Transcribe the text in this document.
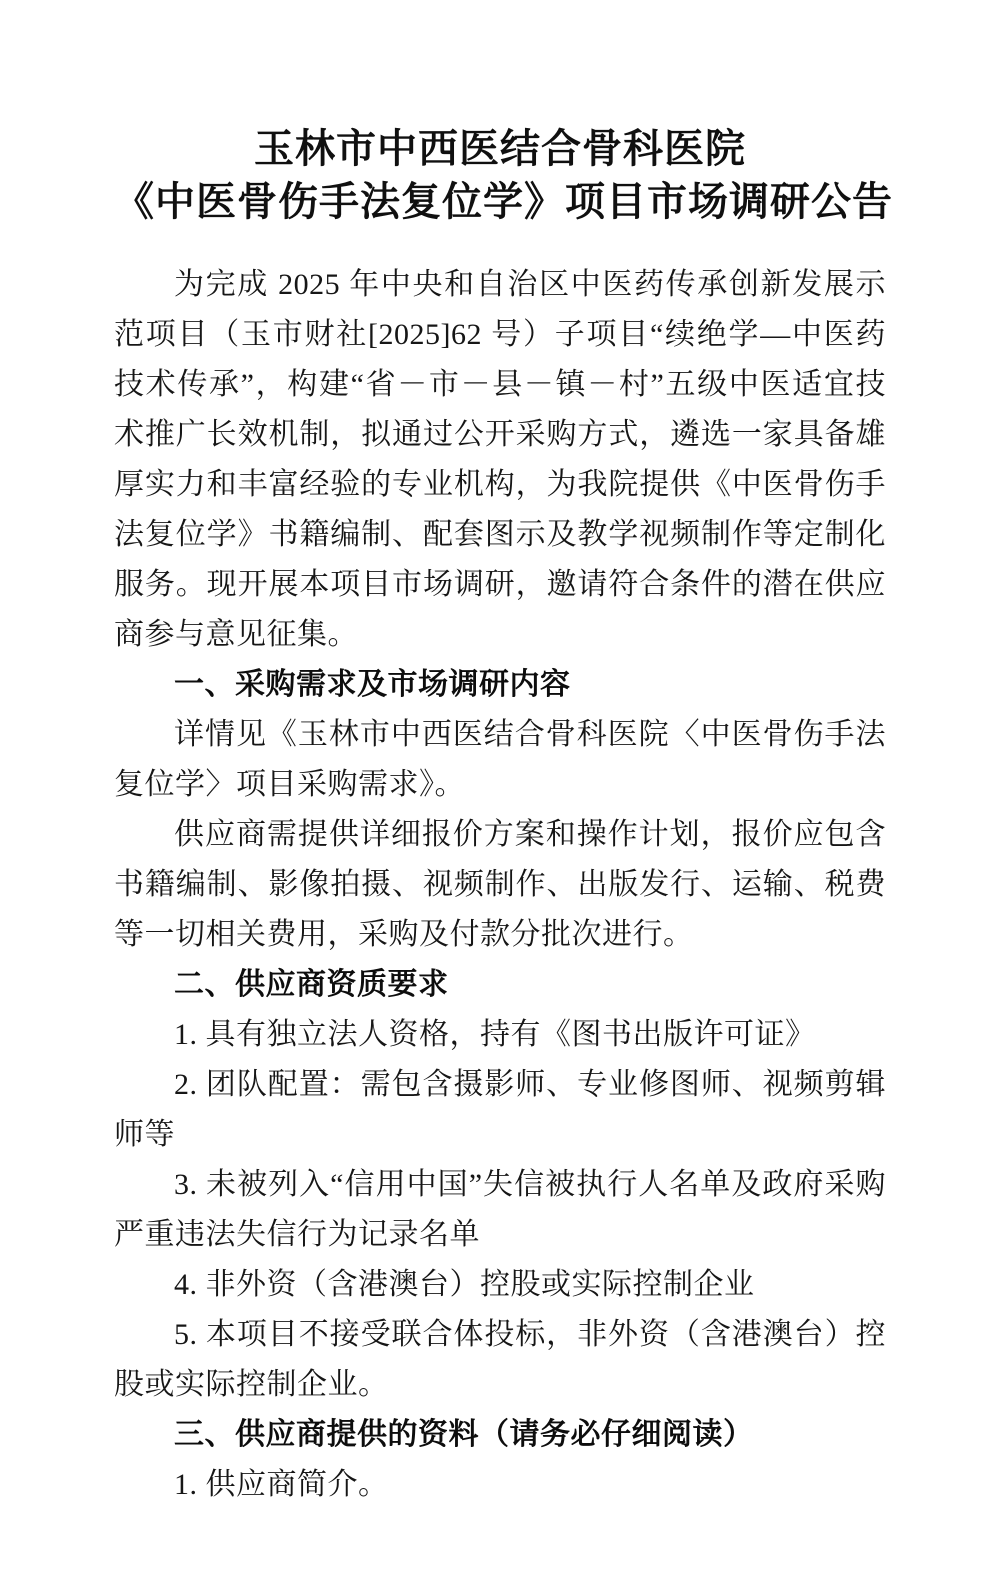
玉林市中西医结合骨科医院
《中医骨伤手法复位学》项目市场调研公告

为完成 2025 年中央和自治区中医药传承创新发展示范项目（玉市财社[2025]62 号）子项目“续绝学—中医药技术传承”，构建“省－市－县－镇－村”五级中医适宜技术推广长效机制，拟通过公开采购方式，遴选一家具备雄厚实力和丰富经验的专业机构，为我院提供《中医骨伤手法复位学》书籍编制、配套图示及教学视频制作等定制化服务。现开展本项目市场调研，邀请符合条件的潜在供应商参与意见征集。

一、采购需求及市场调研内容

详情见《玉林市中西医结合骨科医院〈中医骨伤手法复位学〉项目采购需求》。

供应商需提供详细报价方案和操作计划，报价应包含书籍编制、影像拍摄、视频制作、出版发行、运输、税费等一切相关费用，采购及付款分批次进行。

二、供应商资质要求

1. 具有独立法人资格，持有《图书出版许可证》

2. 团队配置：需包含摄影师、专业修图师、视频剪辑师等

3. 未被列入“信用中国”失信被执行人名单及政府采购严重违法失信行为记录名单

4. 非外资（含港澳台）控股或实际控制企业

5. 本项目不接受联合体投标，非外资（含港澳台）控股或实际控制企业。

三、供应商提供的资料（请务必仔细阅读）

1. 供应商简介。
